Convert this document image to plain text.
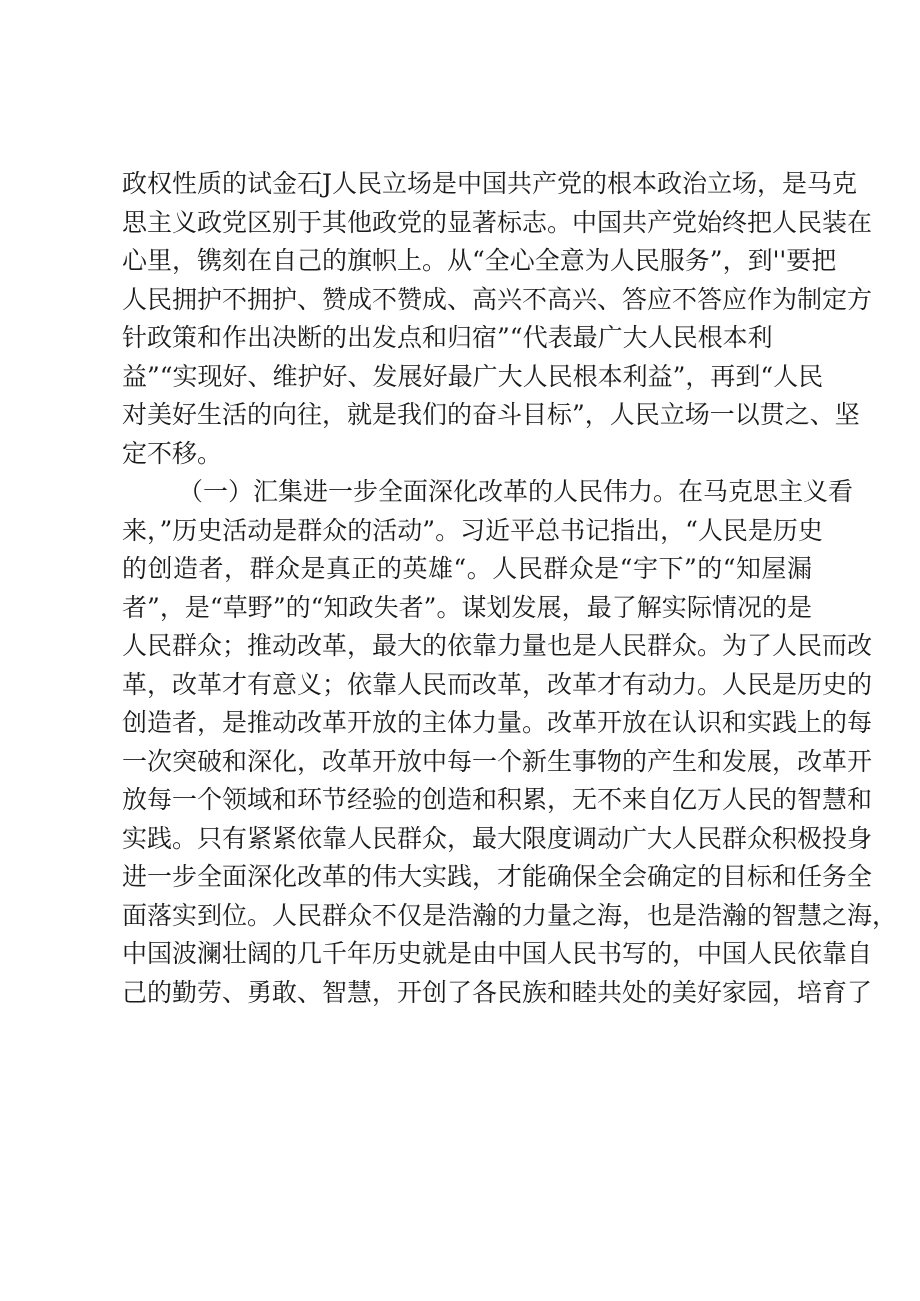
政权性质的试金石J人民立场是中国共产党的根本政治立场，是马克
思主义政党区别于其他政党的显著标志。中国共产党始终把人民装在
心里，镌刻在自己的旗帜上。从“全心全意为人民服务”，到''要把
人民拥护不拥护、赞成不赞成、高兴不高兴、答应不答应作为制定方
针政策和作出决断的出发点和归宿”“代表最广大人民根本利
益”“实现好、维护好、发展好最广大人民根本利益”，再到“人民
对美好生活的向往，就是我们的奋斗目标”，人民立场一以贯之、坚
定不移。
（一）汇集进一步全面深化改革的人民伟力。在马克思主义看
来，”历史活动是群众的活动”。习近平总书记指出，“人民是历史
的创造者，群众是真正的英雄“。人民群众是“宇下”的“知屋漏
者”，是“草野”的“知政失者”。谋划发展，最了解实际情况的是
人民群众；推动改革，最大的依靠力量也是人民群众。为了人民而改
革，改革才有意义；依靠人民而改革，改革才有动力。人民是历史的
创造者，是推动改革开放的主体力量。改革开放在认识和实践上的每
一次突破和深化，改革开放中每一个新生事物的产生和发展，改革开
放每一个领域和环节经验的创造和积累，无不来自亿万人民的智慧和
实践。只有紧紧依靠人民群众，最大限度调动广大人民群众积极投身
进一步全面深化改革的伟大实践，才能确保全会确定的目标和任务全
面落实到位。人民群众不仅是浩瀚的力量之海，也是浩瀚的智慧之海，
中国波澜壮阔的几千年历史就是由中国人民书写的，中国人民依靠自
己的勤劳、勇敢、智慧，开创了各民族和睦共处的美好家园，培育了
